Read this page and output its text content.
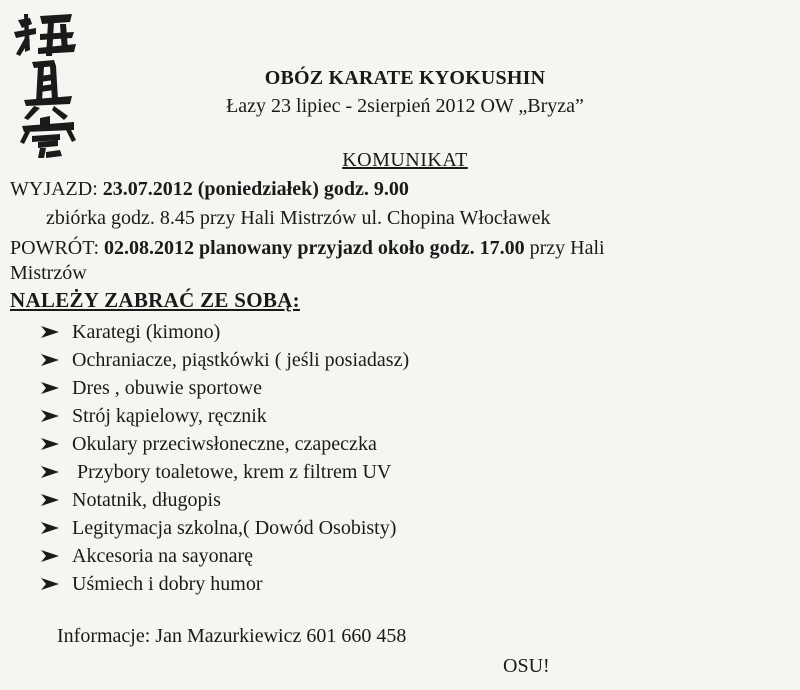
OBÓZ KARATE KYOKUSHIN
Łazy 23 lipiec - 2sierpień 2012 OW „Bryza”
KOMUNIKAT
WYJAZD: 23.07.2012 (poniedziałek) godz. 9.00
zbiórka godz. 8.45 przy Hali Mistrzów ul. Chopina Włocławek
POWRÓT: 02.08.2012 planowany przyjazd około godz. 17.00 przy Hali
Mistrzów
NALEŻY ZABRAĆ ZE SOBĄ:
Karategi (kimono)
Ochraniacze, piąstkówki ( jeśli posiadasz)
Dres , obuwie sportowe
Strój kąpielowy, ręcznik
Okulary przeciwsłoneczne, czapeczka
Przybory toaletowe, krem z filtrem UV
Notatnik, długopis
Legitymacja szkolna,( Dowód Osobisty)
Akcesoria na sayonarę
Uśmiech i dobry humor
Informacje: Jan Mazurkiewicz 601 660 458
OSU!
